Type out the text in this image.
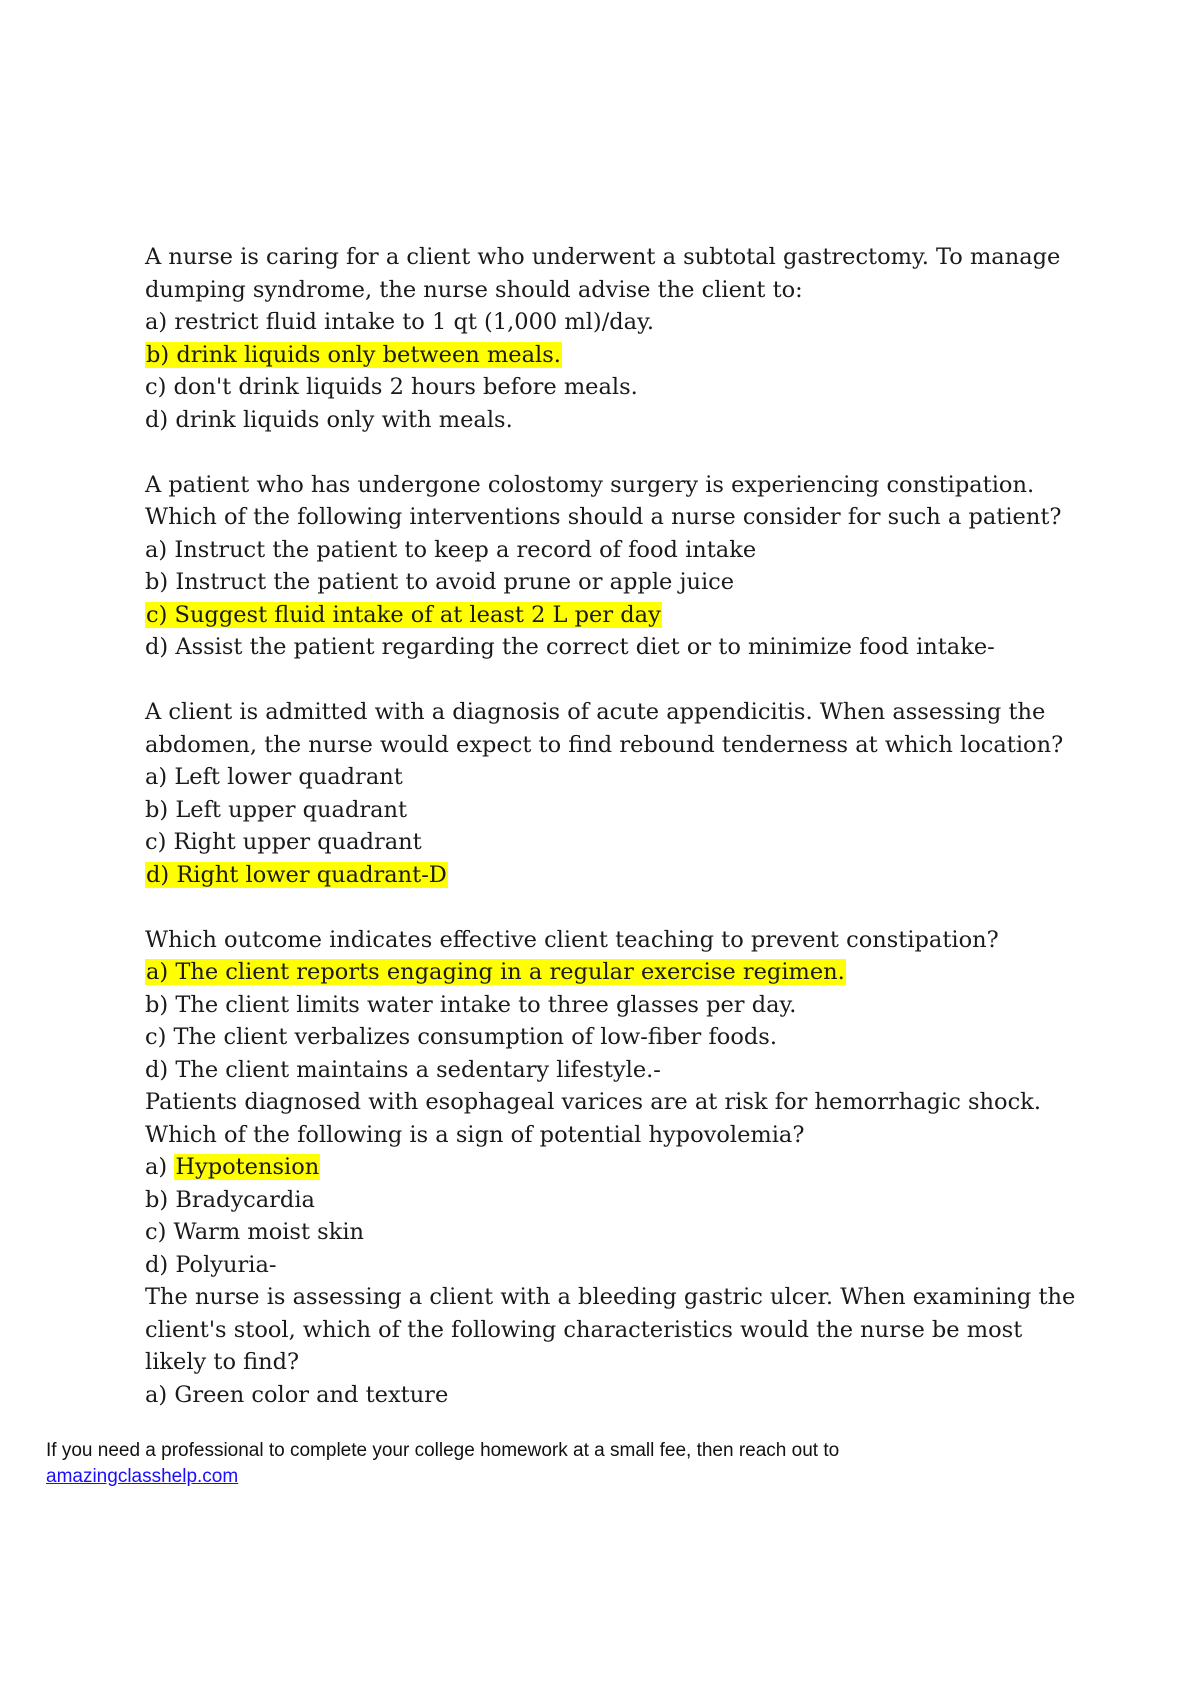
A nurse is caring for a client who underwent a subtotal gastrectomy. To manage
dumping syndrome, the nurse should advise the client to:
a) restrict fluid intake to 1 qt (1,000 ml)/day.
b) drink liquids only between meals.
c) don't drink liquids 2 hours before meals.
d) drink liquids only with meals.
A patient who has undergone colostomy surgery is experiencing constipation.
Which of the following interventions should a nurse consider for such a patient?
a) Instruct the patient to keep a record of food intake
b) Instruct the patient to avoid prune or apple juice
c) Suggest fluid intake of at least 2 L per day
d) Assist the patient regarding the correct diet or to minimize food intake-
A client is admitted with a diagnosis of acute appendicitis. When assessing the
abdomen, the nurse would expect to find rebound tenderness at which location?
a) Left lower quadrant
b) Left upper quadrant
c) Right upper quadrant
d) Right lower quadrant-D
Which outcome indicates effective client teaching to prevent constipation?
a) The client reports engaging in a regular exercise regimen.
b) The client limits water intake to three glasses per day.
c) The client verbalizes consumption of low-fiber foods.
d) The client maintains a sedentary lifestyle.-
Patients diagnosed with esophageal varices are at risk for hemorrhagic shock.
Which of the following is a sign of potential hypovolemia?
a) Hypotension
b) Bradycardia
c) Warm moist skin
d) Polyuria-
The nurse is assessing a client with a bleeding gastric ulcer. When examining the
client's stool, which of the following characteristics would the nurse be most
likely to find?
a) Green color and texture
If you need a professional to complete your college homework at a small fee, then reach out to
amazingclasshelp.com
